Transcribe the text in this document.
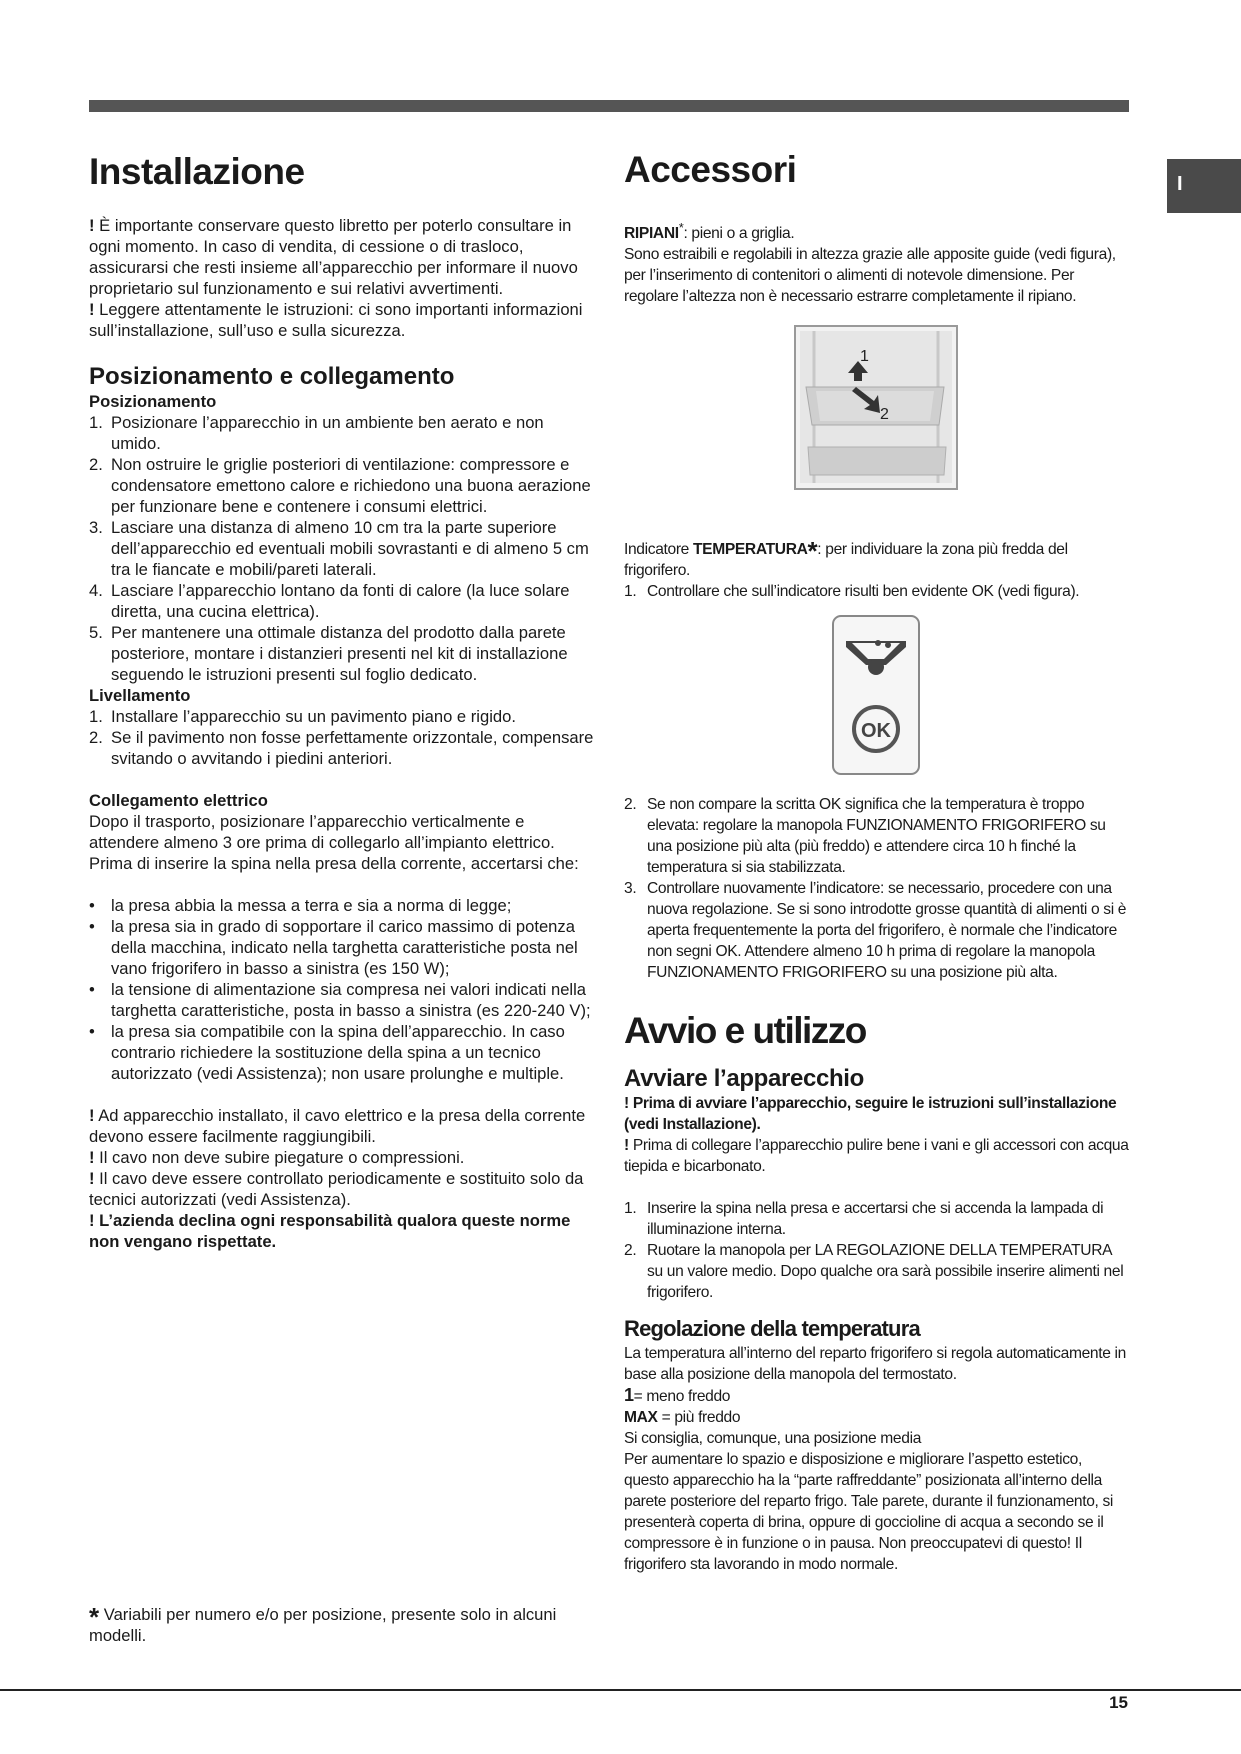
I
Installazione

! È importante conservare questo libretto per poterlo consultare in ogni momento. In caso di vendita, di cessione o di trasloco, assicurarsi che resti insieme all’apparecchio per informare il nuovo proprietario sul funzionamento e sui relativi avvertimenti.

! Leggere attentamente le istruzioni: ci sono importanti informazioni sull’installazione, sull’uso e sulla sicurezza.

Posizionamento e collegamento
Posizionamento
1. Posizionare l’apparecchio in un ambiente ben aerato e non umido.
2. Non ostruire le griglie posteriori di ventilazione: compressore e condensatore emettono calore e richiedono una buona aerazione per funzionare bene e contenere i consumi elettrici.
3. Lasciare una distanza di almeno 10 cm tra la parte superiore dell’apparecchio ed eventuali mobili sovrastanti e di almeno 5 cm tra le fiancate e mobili/pareti laterali.
4. Lasciare l’apparecchio lontano da fonti di calore (la luce solare diretta, una cucina elettrica).
5. Per mantenere una ottimale distanza del prodotto dalla parete posteriore, montare i distanzieri presenti nel kit di installazione seguendo le istruzioni presenti sul foglio dedicato.
Livellamento
1. Installare l’apparecchio su un pavimento piano e rigido.
2. Se il pavimento non fosse perfettamente orizzontale, compensare svitando o avvitando i piedini anteriori.
Collegamento elettrico

Dopo il trasporto, posizionare l’apparecchio verticalmente e attendere almeno 3 ore prima di collegarlo all’impianto elettrico. Prima di inserire la spina nella presa della corrente, accertarsi che:

• la presa abbia la messa a terra e sia a norma di legge;
• la presa sia in grado di sopportare il carico massimo di potenza della macchina, indicato nella targhetta caratteristiche posta nel vano frigorifero in basso a sinistra (es 150 W);
• la tensione di alimentazione sia compresa nei valori indicati nella targhetta caratteristiche, posta in basso a sinistra (es 220-240 V);
• la presa sia compatibile con la spina dell’apparecchio. In caso contrario richiedere la sostituzione della spina a un tecnico autorizzato (vedi Assistenza); non usare prolunghe e multiple.

! Ad apparecchio installato, il cavo elettrico e la presa della corrente devono essere facilmente raggiungibili.

! Il cavo non deve subire piegature o compressioni.

! Il cavo deve essere controllato periodicamente e sostituito solo da tecnici autorizzati (vedi Assistenza).

! L’azienda declina ogni responsabilità qualora queste norme non vengano rispettate.

* Variabili per numero e/o per posizione, presente solo in alcuni modelli.
Accessori

RIPIANI*: pieni o a griglia.

Sono estraibili e regolabili in altezza grazie alle apposite guide (vedi figura), per l’inserimento di contenitori o alimenti di notevole dimensione. Per regolare l’altezza non è necessario estrarre completamente il ripiano.

Indicatore TEMPERATURA*: per individuare la zona più fredda del frigorifero.

1. Controllare che sull’indicatore risulti ben evidente OK (vedi figura).
2. Se non compare la scritta OK significa che la temperatura è troppo elevata: regolare la manopola FUNZIONAMENTO FRIGORIFERO su una posizione più alta (più freddo) e attendere circa 10 h finché la temperatura si sia stabilizzata.
3. Controllare nuovamente l’indicatore: se necessario, procedere con una nuova regolazione. Se si sono introdotte grosse quantità di alimenti o si è aperta frequentemente la porta del frigorifero, è normale che l’indicatore non segni OK. Attendere almeno 10 h prima di regolare la manopola FUNZIONAMENTO FRIGORIFERO su una posizione più alta.
Avvio e utilizzo
Avviare l’apparecchio

! Prima di avviare l’apparecchio, seguire le istruzioni sull’installazione (vedi Installazione).

! Prima di collegare l’apparecchio pulire bene i vani e gli accessori con acqua tiepida e bicarbonato.

1. Inserire la spina nella presa e accertarsi che si accenda la lampada di illuminazione interna.
2. Ruotare la manopola per LA REGOLAZIONE DELLA TEMPERATURA su un valore medio. Dopo qualche ora sarà possibile inserire alimenti nel frigorifero.
Regolazione della temperatura

La temperatura all’interno del reparto frigorifero si regola automaticamente in base alla posizione della manopola del termostato.

1= meno freddo

MAX = più freddo

Si consiglia, comunque, una posizione media

Per aumentare lo spazio e disposizione e migliorare l’aspetto estetico, questo apparecchio ha la “parte raffreddante” posizionata all’interno della parete posteriore del reparto frigo. Tale parete, durante il funzionamento, si presenterà coperta di brina, oppure di goccioline di acqua a secondo se il compressore è in funzione o in pausa. Non preoccupatevi di questo! Il frigorifero sta lavorando in modo normale.

1
2
OK
15
